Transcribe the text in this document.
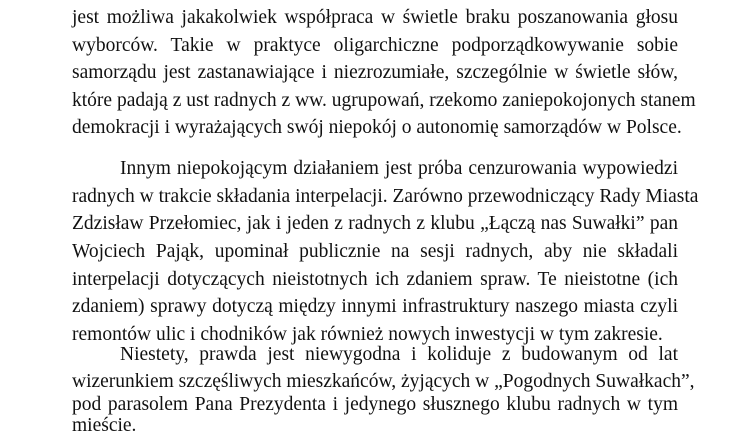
jest możliwa jakakolwiek współpraca w świetle braku poszanowania głosu
wyborców. Takie w praktyce oligarchiczne podporządkowywanie sobie
samorządu jest zastanawiające i niezrozumiałe, szczególnie w świetle słów,
które padają z ust radnych z ww. ugrupowań, rzekomo zaniepokojonych stanem
demokracji i wyrażających swój niepokój o autonomię samorządów w Polsce.
Innym niepokojącym działaniem jest próba cenzurowania wypowiedzi
radnych w trakcie składania interpelacji. Zarówno przewodniczący Rady Miasta
Zdzisław Przełomiec, jak i jeden z radnych z klubu „Łączą nas Suwałki” pan
Wojciech Pająk, upominał publicznie na sesji radnych, aby nie składali
interpelacji dotyczących nieistotnych ich zdaniem spraw. Te nieistotne (ich
zdaniem) sprawy dotyczą między innymi infrastruktury naszego miasta czyli
remontów ulic i chodników jak również nowych inwestycji w tym zakresie.
Niestety, prawda jest niewygodna i koliduje z budowanym od lat
wizerunkiem szczęśliwych mieszkańców, żyjących w „Pogodnych Suwałkach”,
pod parasolem Pana Prezydenta i jedynego słusznego klubu radnych w tym
mieście.
